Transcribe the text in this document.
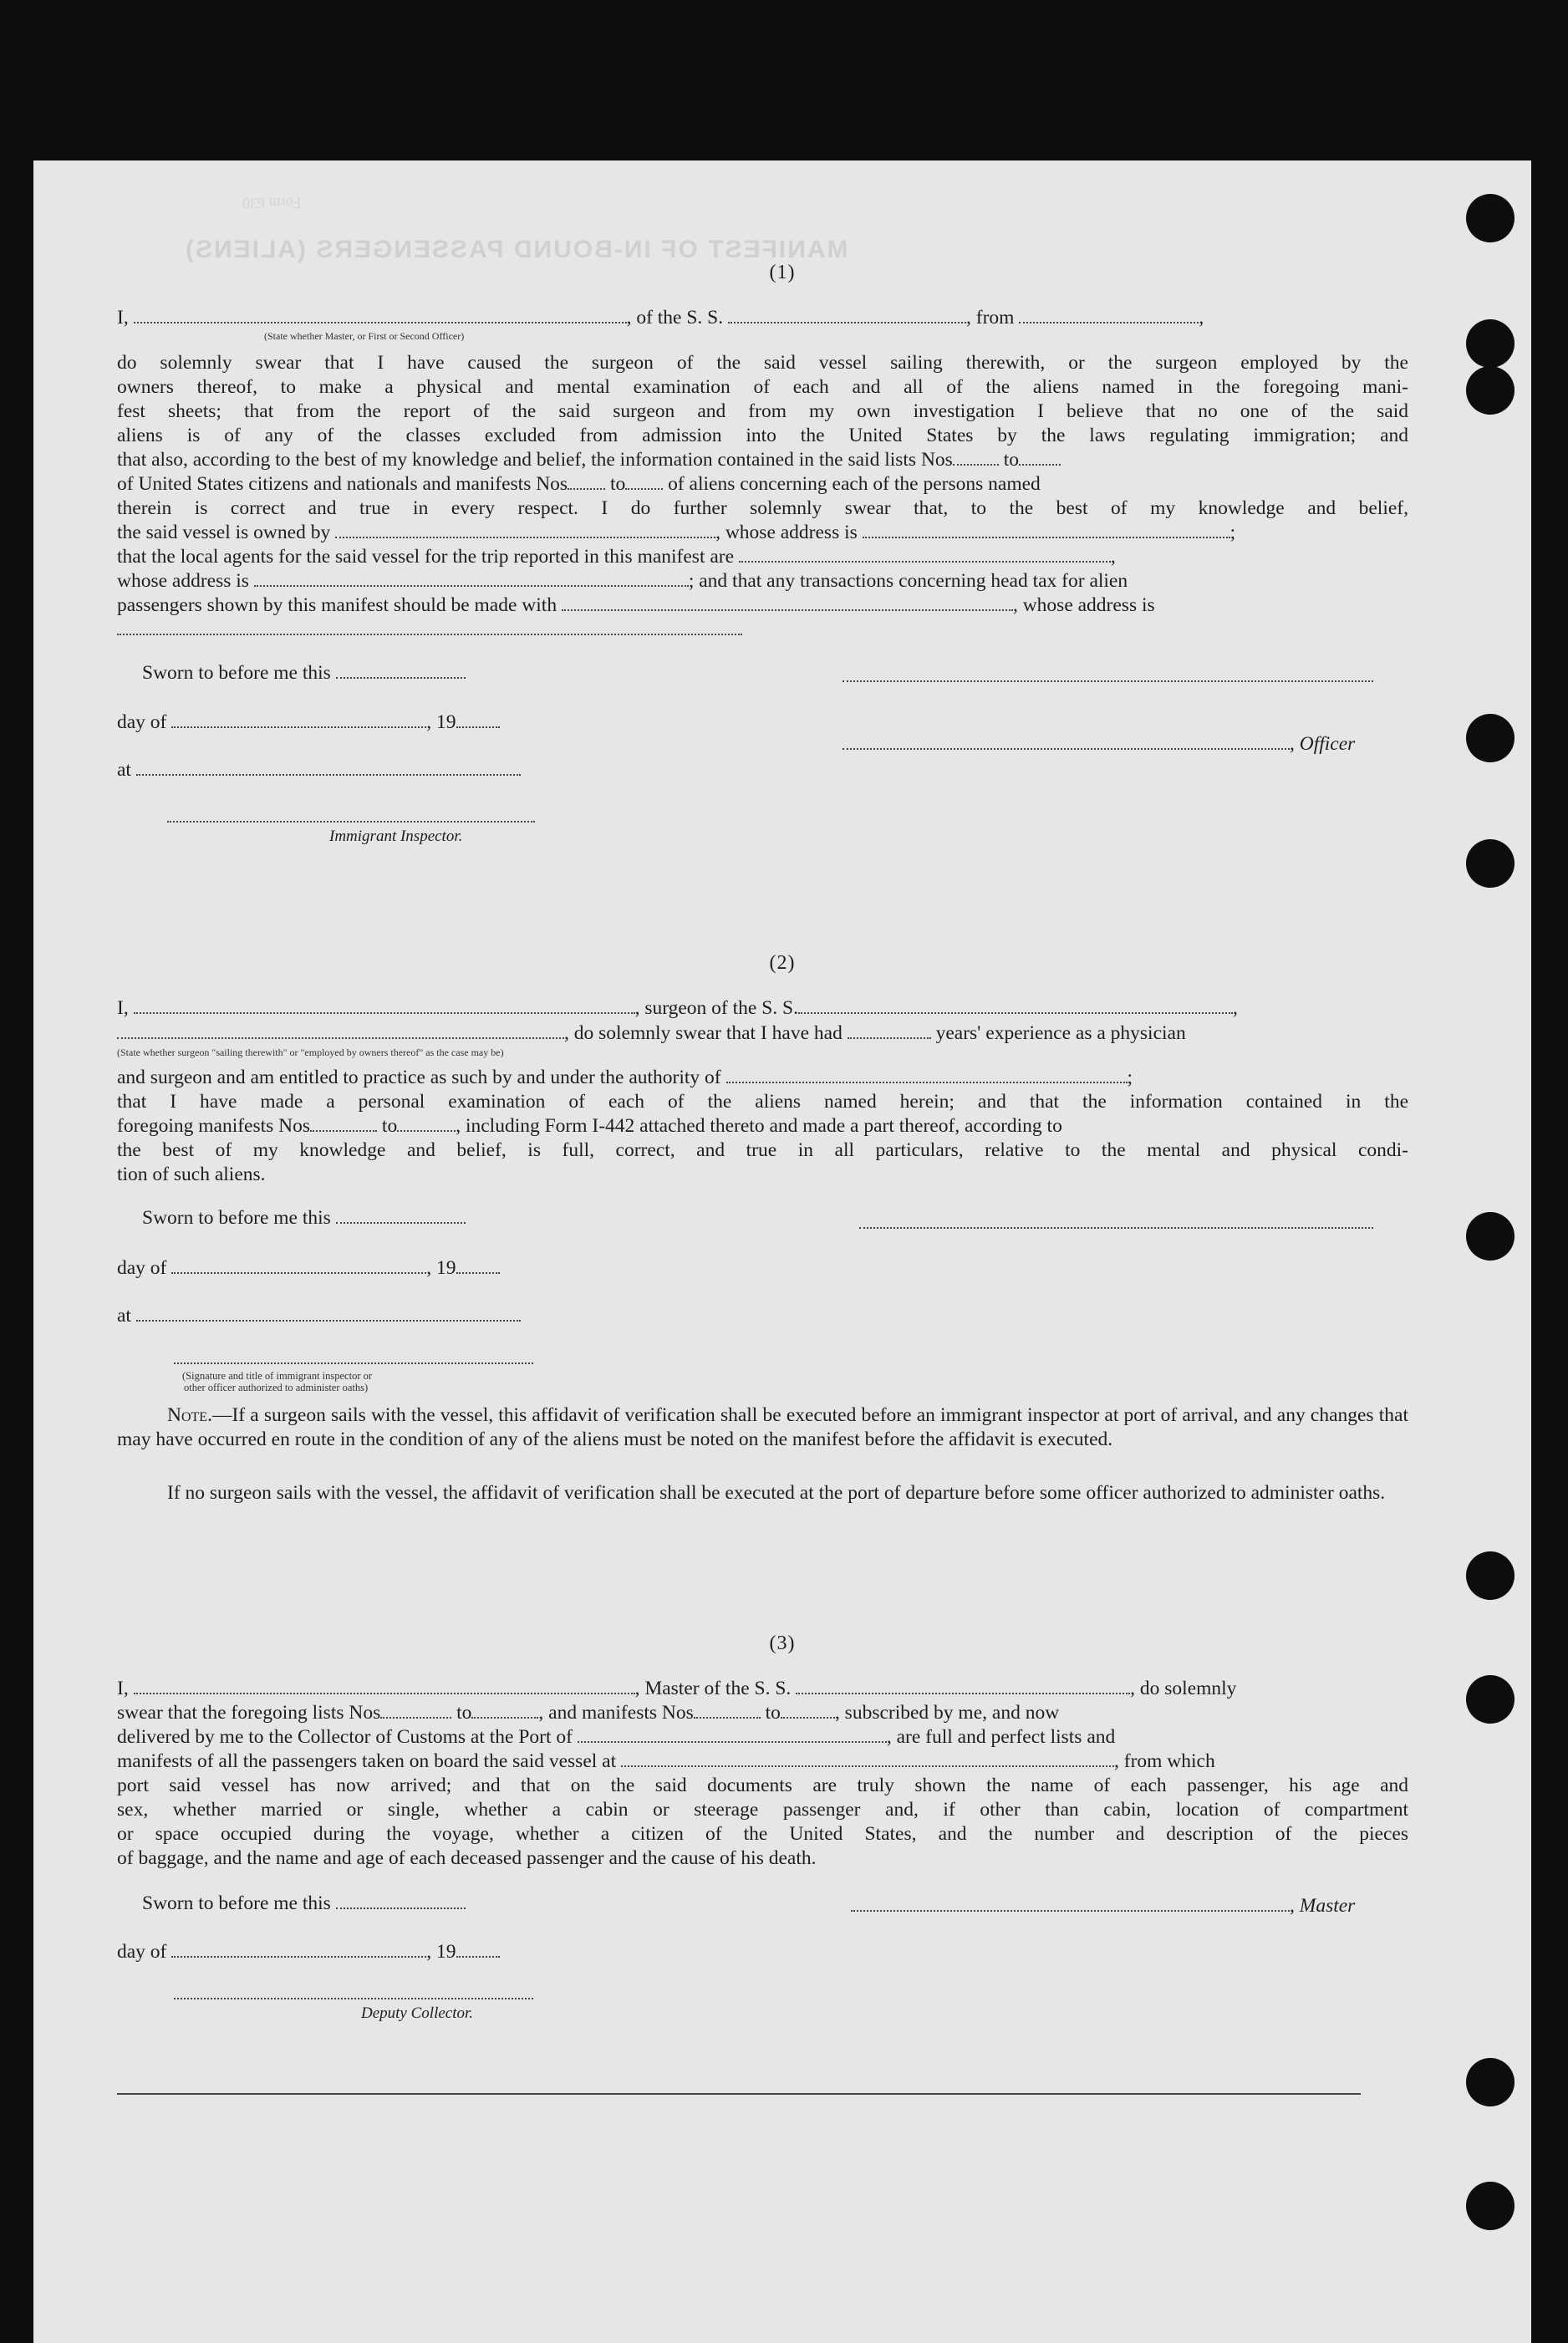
MANIFEST OF IN-BOUND PASSENGERS (ALIENS)
Form 630
(1)
I,	, of the S. S.	, from	,
(State whether Master, or First or Second Officer)
do solemnly swear that I have caused the surgeon of the said vessel sailing therewith, or the surgeon employed by the
owners thereof, to make a physical and mental examination of each and all of the aliens named in the foregoing mani-
fest sheets; that from the report of the said surgeon and from my own investigation I believe that no one of the said
aliens is of any of the classes excluded from admission into the United States by the laws regulating immigration; and
that also, according to the best of my knowledge and belief, the information contained in the said lists Nos	to
of United States citizens and nationals and manifests Nos to of aliens concerning each of the persons named
therein is correct and true in every respect. I do further solemnly swear that, to the best of my knowledge and belief,
the said vessel is owned by	, whose address is	;
that the local agents for the said vessel for the trip reported in this manifest are	,
whose address is	; and that any transactions concerning head tax for alien
passengers shown by this manifest should be made with	, whose address is
Sworn to before me this
day of	, 19
, Officer
at
Immigrant Inspector.
(2)
I,	, surgeon of the S. S.	,
, do solemnly swear that I have had	years' experience as a physician
(State whether surgeon "sailing therewith" or "employed by owners thereof" as the case may be)
and surgeon and am entitled to practice as such by and under the authority of	;
that I have made a personal examination of each of the aliens named herein; and that the information contained in the
foregoing manifests Nos	to	, including Form I-442 attached thereto and made a part thereof, according to
the best of my knowledge and belief, is full, correct, and true in all particulars, relative to the mental and physical condi-
tion of such aliens.
Sworn to before me this
day of	, 19
at
(Signature and title of immigrant inspector or
other officer authorized to administer oaths)
Note.—If a surgeon sails with the vessel, this affidavit of verification shall be executed before an immigrant inspector at port of arrival, and any changes that may have occurred en route in the condition of any of the aliens must be noted on the manifest before the affidavit is executed.
If no surgeon sails with the vessel, the affidavit of verification shall be executed at the port of departure before some officer authorized to administer oaths.
(3)
I,	, Master of the S. S.	, do solemnly
swear that the foregoing lists Nos	to	, and manifests Nos	to	, subscribed by me, and now
delivered by me to the Collector of Customs at the Port of	, are full and perfect lists and
manifests of all the passengers taken on board the said vessel at	, from which
port said vessel has now arrived; and that on the said documents are truly shown the name of each passenger, his age and
sex, whether married or single, whether a cabin or steerage passenger and, if other than cabin, location of compartment
or space occupied during the voyage, whether a citizen of the United States, and the number and description of the pieces
of baggage, and the name and age of each deceased passenger and the cause of his death.
Sworn to before me this	, Master
day of	, 19
Deputy Collector.
